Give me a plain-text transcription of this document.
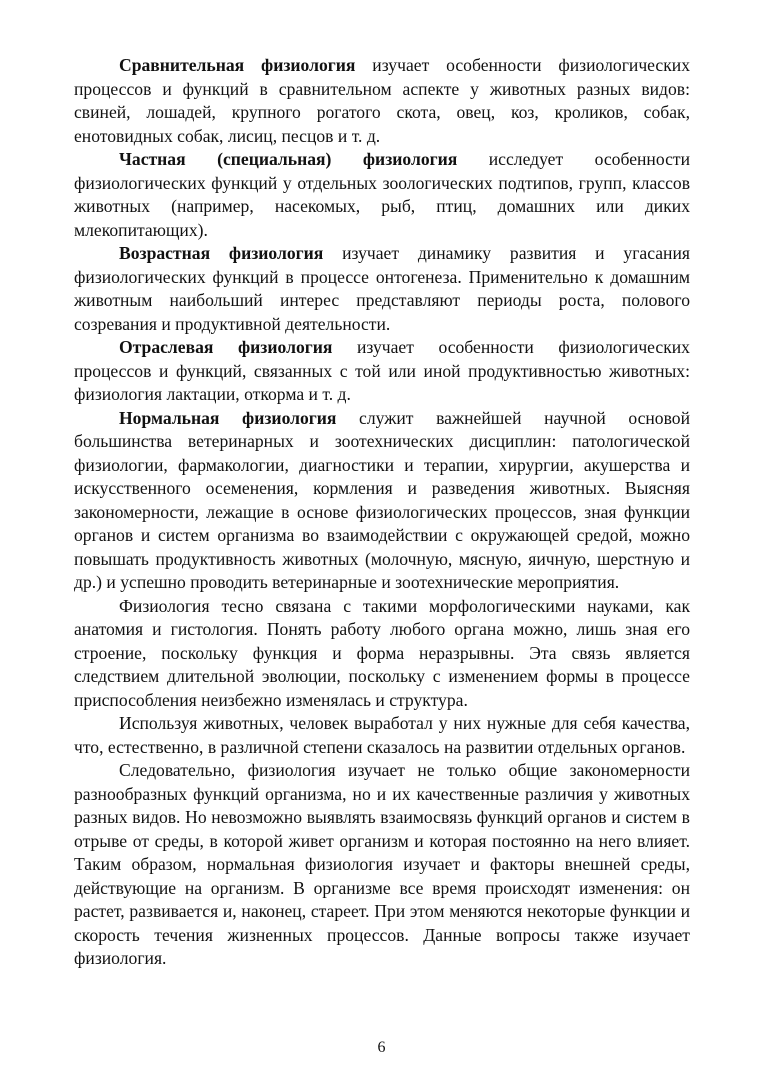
Сравнительная физиология изучает особенности физиологических процессов и функций в сравнительном аспекте у животных разных видов: свиней, лошадей, крупного рогатого скота, овец, коз, кроликов, собак, енотовидных собак, лисиц, песцов и т. д.

Частная (специальная) физиология исследует особенности физиологических функций у отдельных зоологических подтипов, групп, классов животных (например, насекомых, рыб, птиц, домашних или диких млекопитающих).

Возрастная физиология изучает динамику развития и угасания физиологических функций в процессе онтогенеза. Применительно к домашним животным наибольший интерес представляют периоды роста, полового созревания и продуктивной деятельности.

Отраслевая физиология изучает особенности физиологических процессов и функций, связанных с той или иной продуктивностью животных: физиология лактации, откорма и т. д.

Нормальная физиология служит важнейшей научной основой большинства ветеринарных и зоотехнических дисциплин: патологической физиологии, фармакологии, диагностики и терапии, хирургии, акушерства и искусственного осеменения, кормления и разведения животных. Выясняя закономерности, лежащие в основе физиологических процессов, зная функции органов и систем организма во взаимодействии с окружающей средой, можно повышать продуктивность животных (молочную, мясную, яичную, шерстную и др.) и успешно проводить ветеринарные и зоотехнические мероприятия.

Физиология тесно связана с такими морфологическими науками, как анатомия и гистология. Понять работу любого органа можно, лишь зная его строение, поскольку функция и форма неразрывны. Эта связь является следствием длительной эволюции, поскольку с изменением формы в процессе приспособления неизбежно изменялась и структура.

Используя животных, человек выработал у них нужные для себя качества, что, естественно, в различной степени сказалось на развитии отдельных органов.

Следовательно, физиология изучает не только общие закономерности разнообразных функций организма, но и их качественные различия у животных разных видов. Но невозможно выявлять взаимосвязь функций органов и систем в отрыве от среды, в которой живет организм и которая постоянно на него влияет. Таким образом, нормальная физиология изучает и факторы внешней среды, действующие на организм. В организме все время происходят изменения: он растет, развивается и, наконец, стареет. При этом меняются некоторые функции и скорость течения жизненных процессов. Данные вопросы также изучает физиология.

6
